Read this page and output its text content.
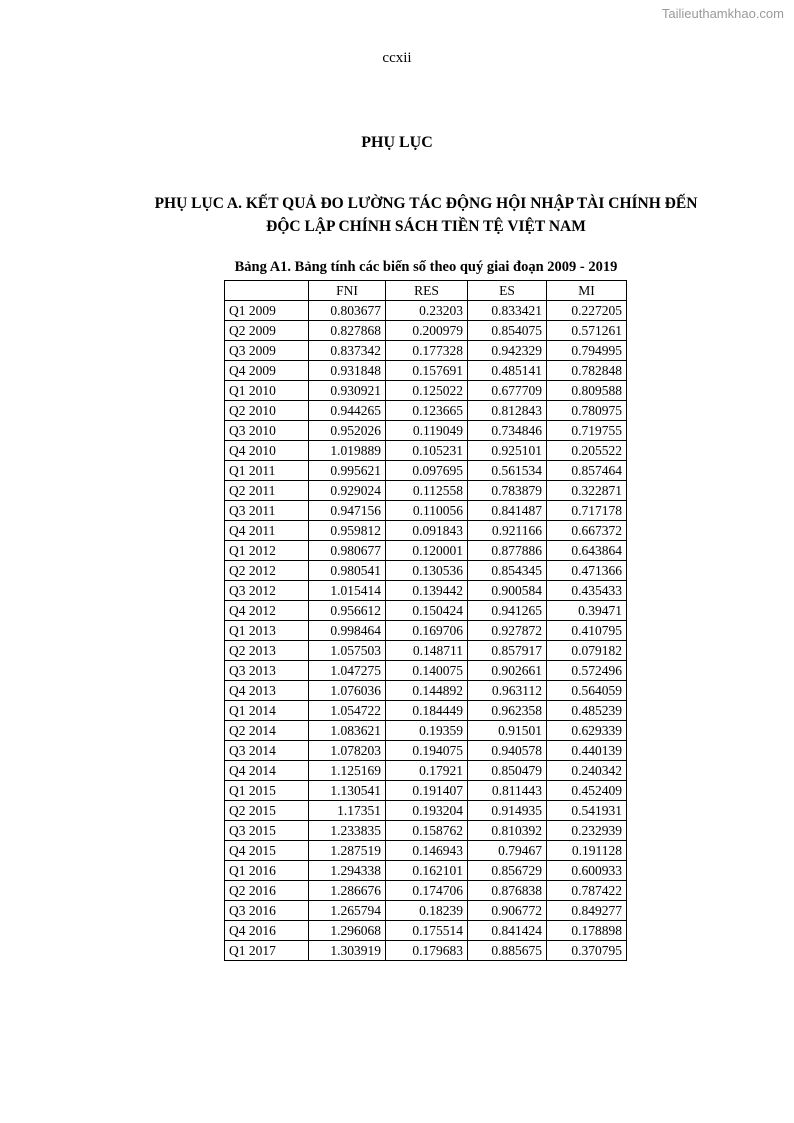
Tailieuthamkhao.com
ccxii
PHỤ LỤC
PHỤ LỤC A. KẾT QUẢ ĐO LƯỜNG TÁC ĐỘNG HỘI NHẬP TÀI CHÍNH ĐẾN
ĐỘC LẬP CHÍNH SÁCH TIỀN TỆ VIỆT NAM
Bảng A1. Bảng tính các biến số theo quý giai đoạn 2009 - 2019
	FNI	RES	ES	MI
Q1 2009	0.803677	0.23203	0.833421	0.227205
Q2 2009	0.827868	0.200979	0.854075	0.571261
Q3 2009	0.837342	0.177328	0.942329	0.794995
Q4 2009	0.931848	0.157691	0.485141	0.782848
Q1 2010	0.930921	0.125022	0.677709	0.809588
Q2 2010	0.944265	0.123665	0.812843	0.780975
Q3 2010	0.952026	0.119049	0.734846	0.719755
Q4 2010	1.019889	0.105231	0.925101	0.205522
Q1 2011	0.995621	0.097695	0.561534	0.857464
Q2 2011	0.929024	0.112558	0.783879	0.322871
Q3 2011	0.947156	0.110056	0.841487	0.717178
Q4 2011	0.959812	0.091843	0.921166	0.667372
Q1 2012	0.980677	0.120001	0.877886	0.643864
Q2 2012	0.980541	0.130536	0.854345	0.471366
Q3 2012	1.015414	0.139442	0.900584	0.435433
Q4 2012	0.956612	0.150424	0.941265	0.39471
Q1 2013	0.998464	0.169706	0.927872	0.410795
Q2 2013	1.057503	0.148711	0.857917	0.079182
Q3 2013	1.047275	0.140075	0.902661	0.572496
Q4 2013	1.076036	0.144892	0.963112	0.564059
Q1 2014	1.054722	0.184449	0.962358	0.485239
Q2 2014	1.083621	0.19359	0.91501	0.629339
Q3 2014	1.078203	0.194075	0.940578	0.440139
Q4 2014	1.125169	0.17921	0.850479	0.240342
Q1 2015	1.130541	0.191407	0.811443	0.452409
Q2 2015	1.17351	0.193204	0.914935	0.541931
Q3 2015	1.233835	0.158762	0.810392	0.232939
Q4 2015	1.287519	0.146943	0.79467	0.191128
Q1 2016	1.294338	0.162101	0.856729	0.600933
Q2 2016	1.286676	0.174706	0.876838	0.787422
Q3 2016	1.265794	0.18239	0.906772	0.849277
Q4 2016	1.296068	0.175514	0.841424	0.178898
Q1 2017	1.303919	0.179683	0.885675	0.370795
